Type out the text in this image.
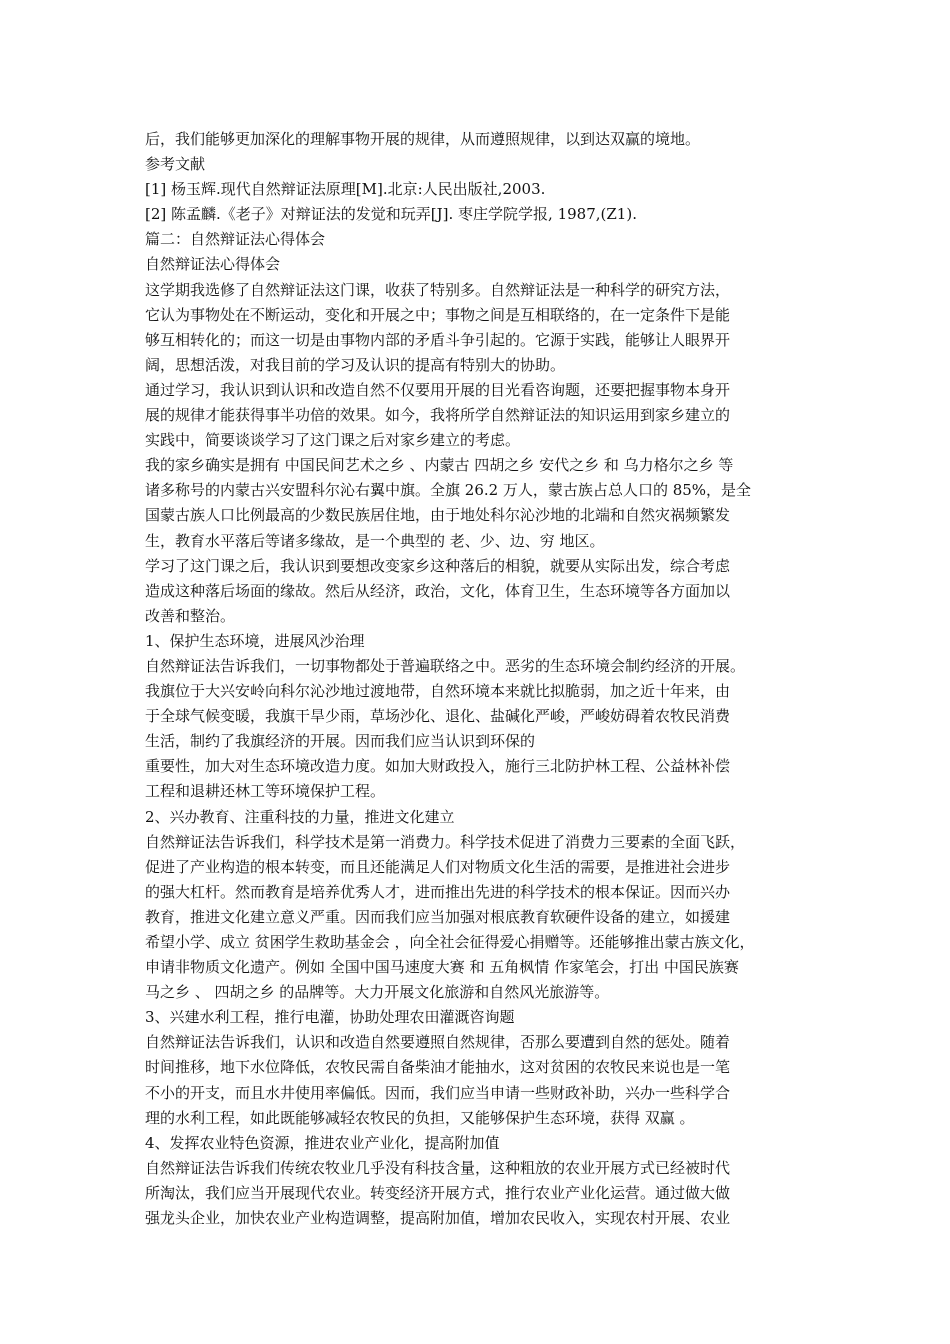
后，我们能够更加深化的理解事物开展的规律，从而遵照规律，以到达双赢的境地。
参考文献
[1] 杨玉辉.现代自然辩证法原理[M].北京:人民出版社,2003.
[2] 陈孟麟.《老子》对辩证法的发觉和玩弄[J]. 枣庄学院学报, 1987,(Z1).
篇二：自然辩证法心得体会
自然辩证法心得体会
这学期我选修了自然辩证法这门课，收获了特别多。自然辩证法是一种科学的研究方法，
它认为事物处在不断运动，变化和开展之中；事物之间是互相联络的，在一定条件下是能
够互相转化的；而这一切是由事物内部的矛盾斗争引起的。它源于实践，能够让人眼界开
阔，思想活泼，对我目前的学习及认识的提高有特别大的协助。
通过学习，我认识到认识和改造自然不仅要用开展的目光看咨询题，还要把握事物本身开
展的规律才能获得事半功倍的效果。如今，我将所学自然辩证法的知识运用到家乡建立的
实践中，简要谈谈学习了这门课之后对家乡建立的考虑。
我的家乡确实是拥有 中国民间艺术之乡 、内蒙古 四胡之乡 安代之乡 和 乌力格尔之乡 等
诸多称号的内蒙古兴安盟科尔沁右翼中旗。全旗 26.2 万人，蒙古族占总人口的 85%，是全
国蒙古族人口比例最高的少数民族居住地，由于地处科尔沁沙地的北端和自然灾祸频繁发
生，教育水平落后等诸多缘故，是一个典型的 老、少、边、穷 地区。
学习了这门课之后，我认识到要想改变家乡这种落后的相貌，就要从实际出发，综合考虑
造成这种落后场面的缘故。然后从经济，政治，文化，体育卫生，生态环境等各方面加以
改善和整治。
1、保护生态环境，进展风沙治理
自然辩证法告诉我们，一切事物都处于普遍联络之中。恶劣的生态环境会制约经济的开展。
我旗位于大兴安岭向科尔沁沙地过渡地带，自然环境本来就比拟脆弱，加之近十年来，由
于全球气候变暖，我旗干旱少雨，草场沙化、退化、盐碱化严峻，严峻妨碍着农牧民消费
生活，制约了我旗经济的开展。因而我们应当认识到环保的
重要性，加大对生态环境改造力度。如加大财政投入，施行三北防护林工程、公益林补偿
工程和退耕还林工等环境保护工程。
2、兴办教育、注重科技的力量，推进文化建立
自然辩证法告诉我们，科学技术是第一消费力。科学技术促进了消费力三要素的全面飞跃，
促进了产业构造的根本转变，而且还能满足人们对物质文化生活的需要，是推进社会进步
的强大杠杆。然而教育是培养优秀人才，进而推出先进的科学技术的根本保证。因而兴办
教育，推进文化建立意义严重。因而我们应当加强对根底教育软硬件设备的建立，如援建
希望小学、成立 贫困学生救助基金会 ，向全社会征得爱心捐赠等。还能够推出蒙古族文化，
申请非物质文化遗产。例如 全国中国马速度大赛 和 五角枫情 作家笔会，打出 中国民族赛
马之乡 、 四胡之乡 的品牌等。大力开展文化旅游和自然风光旅游等。
3、兴建水利工程，推行电灌，协助处理农田灌溉咨询题
自然辩证法告诉我们，认识和改造自然要遵照自然规律，否那么要遭到自然的惩处。随着
时间推移，地下水位降低，农牧民需自备柴油才能抽水，这对贫困的农牧民来说也是一笔
不小的开支，而且水井使用率偏低。因而，我们应当申请一些财政补助，兴办一些科学合
理的水利工程，如此既能够减轻农牧民的负担，又能够保护生态环境，获得 双赢 。
4、发挥农业特色资源，推进农业产业化，提高附加值
自然辩证法告诉我们传统农牧业几乎没有科技含量，这种粗放的农业开展方式已经被时代
所淘汰，我们应当开展现代农业。转变经济开展方式，推行农业产业化运营。通过做大做
强龙头企业，加快农业产业构造调整，提高附加值，增加农民收入，实现农村开展、农业
